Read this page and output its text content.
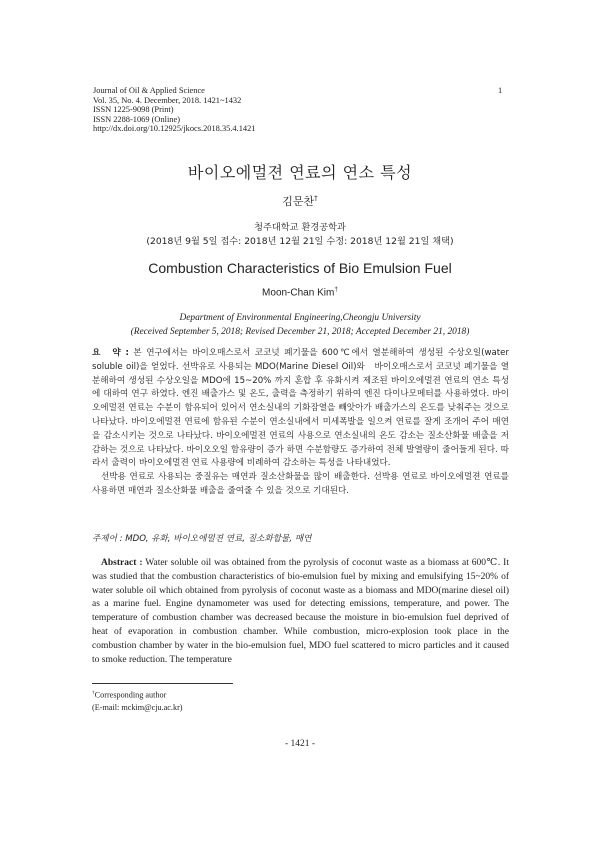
Journal of Oil & Applied Science
Vol. 35, No. 4. December, 2018. 1421~1432
ISSN 1225-9098 (Print)
ISSN 2288-1069 (Online)
http://dx.doi.org/10.12925/jkocs.2018.35.4.1421
1
바이오에멀젼 연료의 연소 특성
김문찬†
청주대학교 환경공학과
(2018년 9월 5일 접수: 2018년 12월 21일 수정: 2018년 12월 21일 채택)
Combustion Characteristics of Bio Emulsion Fuel
Moon-Chan Kim†
Department of Environmental Engineering,Cheongju University
(Received September 5, 2018; Revised December 21, 2018; Accepted December 21, 2018)

요　약 : 본 연구에서는 바이오매스로서 코코넛 폐기물을 600℃에서 열분해하여 생성된 수상오일(water soluble oil)을 얻었다. 선박유로 사용되는 MDO(Marine Diesel Oil)와　바이오매스로서 코코넛 폐기물을 열분해하여 생성된 수상오일을 MDO에 15~20% 까지 혼합 후 유화시켜 제조된 바이오에멀젼 연료의 연소 특성에 대하여 연구 하였다. 엔진 배출가스 및 온도, 출력을 측정하기 위하여 엔진 다이나모메터를 사용하였다. 바이오에멀젼 연료는 수분이 함유되어 있어서 연소실내의 기화잠열을 빼앗아가 배출가스의 온도를 낮춰주는 것으로 나타났다. 바이오에멀젼 연료에 함유된 수분이 연소실내에서 미세폭발을 일으켜 연료를 잘게 조개어 주어 매연을 감소시키는 것으로 나타났다. 바이오에멀젼 연료의 사용으로 연소실내의 온도 감소는 질소산화물 배출을 저감하는 것으로 나타났다. 바이오오일 함유량이 증가 하면 수분함량도 증가하여 전체 발열량이 줄어들게 된다. 따라서 출력이 바이오에멀젼 연료 사용량에 비례하여 감소하는 특성을 나타내었다.

선박용 연료로 사용되는 중질유는 매연과 질소산화물을 많이 배출한다. 선박용 연료로 바이오에멀젼 연료를 사용하면 매연과 질소산화물 배출을 줄여줄 수 있을 것으로 기대된다.

주제어 : MDO, 유화, 바이오에멀젼 연료, 질소화합물, 매연

Abstract : Water soluble oil was obtained from the pyrolysis of coconut waste as a biomass at 600℃. It was studied that the combustion characteristics of bio-emulsion fuel by mixing and emulsifying 15~20% of water soluble oil which obtained from pyrolysis of coconut waste as a biomass and MDO(marine diesel oil) as a marine fuel. Engine dynamometer was used for detecting emissions, temperature, and power. The temperature of combustion chamber was decreased because the moisture in bio-emulsion fuel deprived of heat of evaporation in combustion chamber. While combustion, micro-explosion took place in the combustion chamber by water in the bio-emulsion fuel, MDO fuel scattered to micro particles and it caused to smoke reduction. The temperature

†Corresponding author
(E-mail: mckim@cju.ac.kr)
- 1421 -
